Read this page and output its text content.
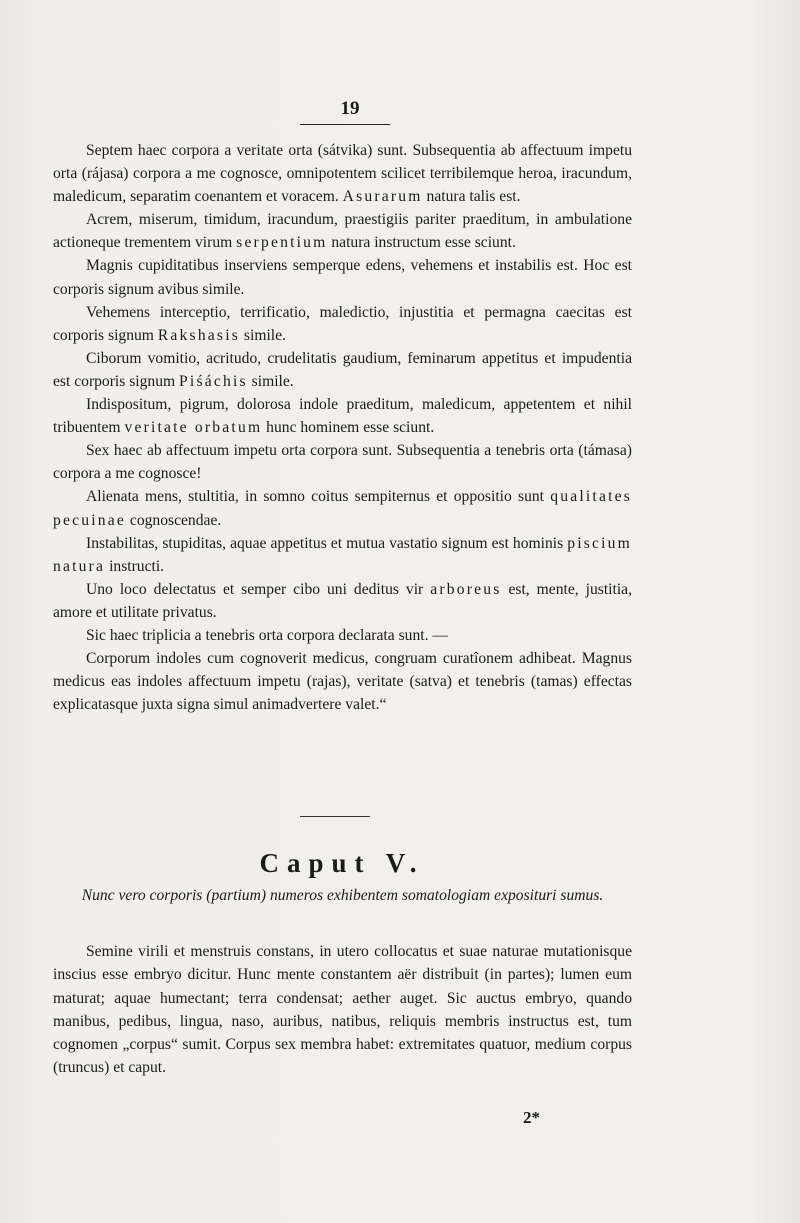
19

Septem haec corpora a veritate orta (sátvika) sunt. Subsequentia ab affectuum impetu orta (rájasa) corpora a me cognosce, omnipotentem scilicet terribilemque heroa, iracundum, maledicum, separatim coenantem et voracem. Asurarum natura talis est.

Acrem, miserum, timidum, iracundum, praestigiis pariter praeditum, in ambulatione actioneque trementem virum serpentium natura instructum esse sciunt.

Magnis cupiditatibus inserviens semperque edens, vehemens et instabilis est. Hoc est corporis signum avibus simile.

Vehemens interceptio, terrificatio, maledictio, injustitia et permagna caecitas est corporis signum Rakshasis simile.

Ciborum vomitio, acritudo, crudelitatis gaudium, feminarum appetitus et impudentia est corporis signum Piśáchis simile.

Indispositum, pigrum, dolorosa indole praeditum, maledicum, appetentem et nihil tribuentem veritate orbatum hunc hominem esse sciunt.

Sex haec ab affectuum impetu orta corpora sunt. Subsequentia a tenebris orta (támasa) corpora a me cognosce!

Alienata mens, stultitia, in somno coitus sempiternus et oppositio sunt qualitates pecuinae cognoscendae.

Instabilitas, stupiditas, aquae appetitus et mutua vastatio signum est hominis piscium natura instructi.

Uno loco delectatus et semper cibo uni deditus vir arboreus est, mente, justitia, amore et utilitate privatus.

Sic haec triplicia a tenebris orta corpora declarata sunt. —

Corporum indoles cum cognoverit medicus, congruam curatîonem adhibeat. Magnus medicus eas indoles affectuum impetu (rajas), veritate (satva) et tenebris (tamas) effectas explicatasque juxta signa simul animadvertere valet.“

Caput V.
Nunc vero corporis (partium) numeros exhibentem somatologiam exposituri sumus.

Semine virili et menstruis constans, in utero collocatus et suae naturae mutationisque inscius esse embryo dicitur. Hunc mente constantem aër distribuit (in partes); lumen eum maturat; aquae humectant; terra condensat; aether auget. Sic auctus embryo, quando manibus, pedibus, lingua, naso, auribus, natibus, reliquis membris instructus est, tum cognomen „corpus“ sumit. Corpus sex membra habet: extremitates quatuor, medium corpus (truncus) et caput.

2*
